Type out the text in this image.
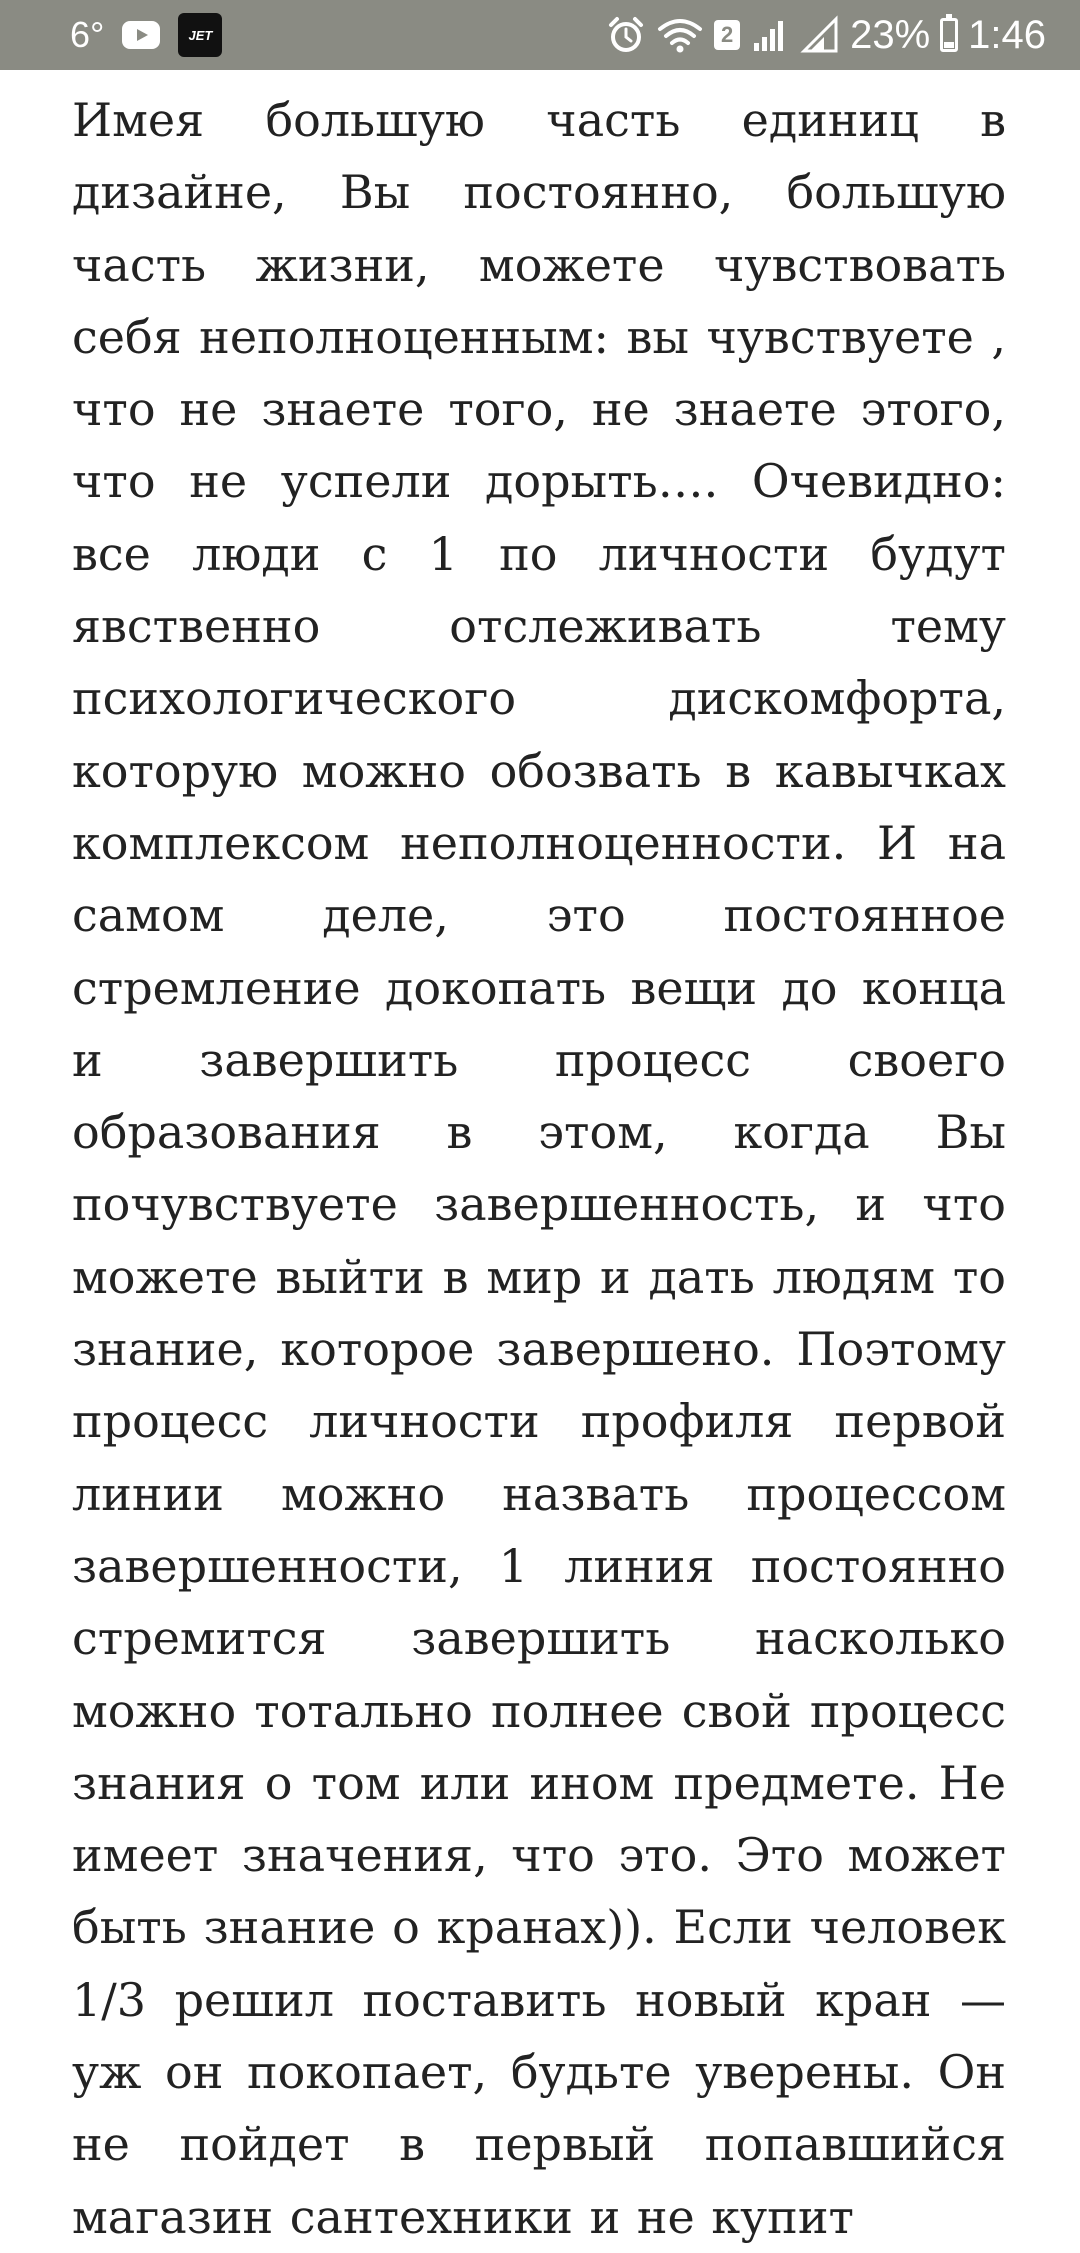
6°	JET	2	23% 1:46

Имея большую часть единиц в дизайне, Вы постоянно, большую часть жизни, можете чувствовать себя неполноценным: вы чувствуете , что не знаете того, не знаете этого, что не успели дорыть…. Очевидно: все люди с 1 по личности будут явственно отслеживать тему психологического дискомфорта, которую можно обозвать в кавычках комплексом неполноценности. И на самом деле, это постоянное стремление докопать вещи до конца и завершить процесс своего образования в этом, когда Вы почувствуете завершенность, и что можете выйти в мир и дать людям то знание, которое завершено. Поэтому процесс личности профиля первой линии можно назвать процессом завершенности, 1 линия постоянно стремится завершить насколько можно тотально полнее свой процесс знания о том или ином предмете. Не имеет значения, что это. Это может быть знание о кранах)). Если человек 1/3 решил поставить новый кран — уж он покопает, будьте уверены. Он не пойдет в первый попавшийся магазин сантехники и не купит
